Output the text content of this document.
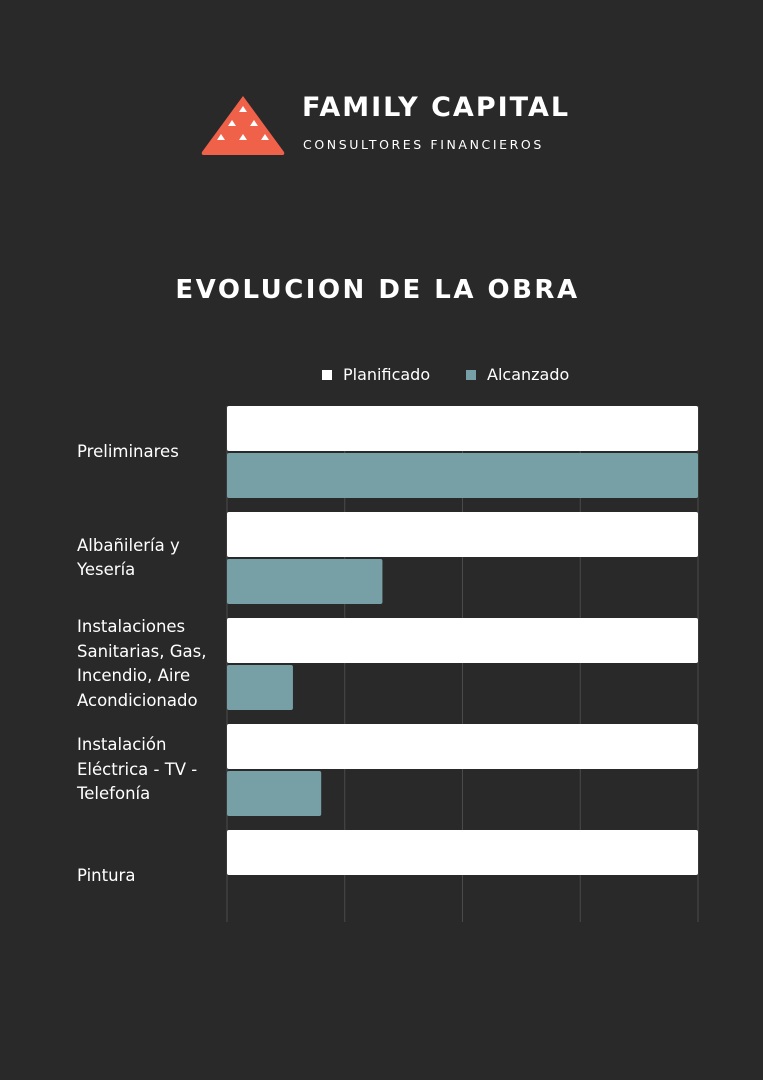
FAMILY CAPITAL
CONSULTORES FINANCIEROS
EVOLUCION DE LA OBRA
Planificado	Alcanzado
Preliminares
Albañilería y
Yesería
Instalaciones
Sanitarias, Gas,
Incendio, Aire
Acondicionado
Instalación
Eléctrica - TV -
Telefonía
Pintura
